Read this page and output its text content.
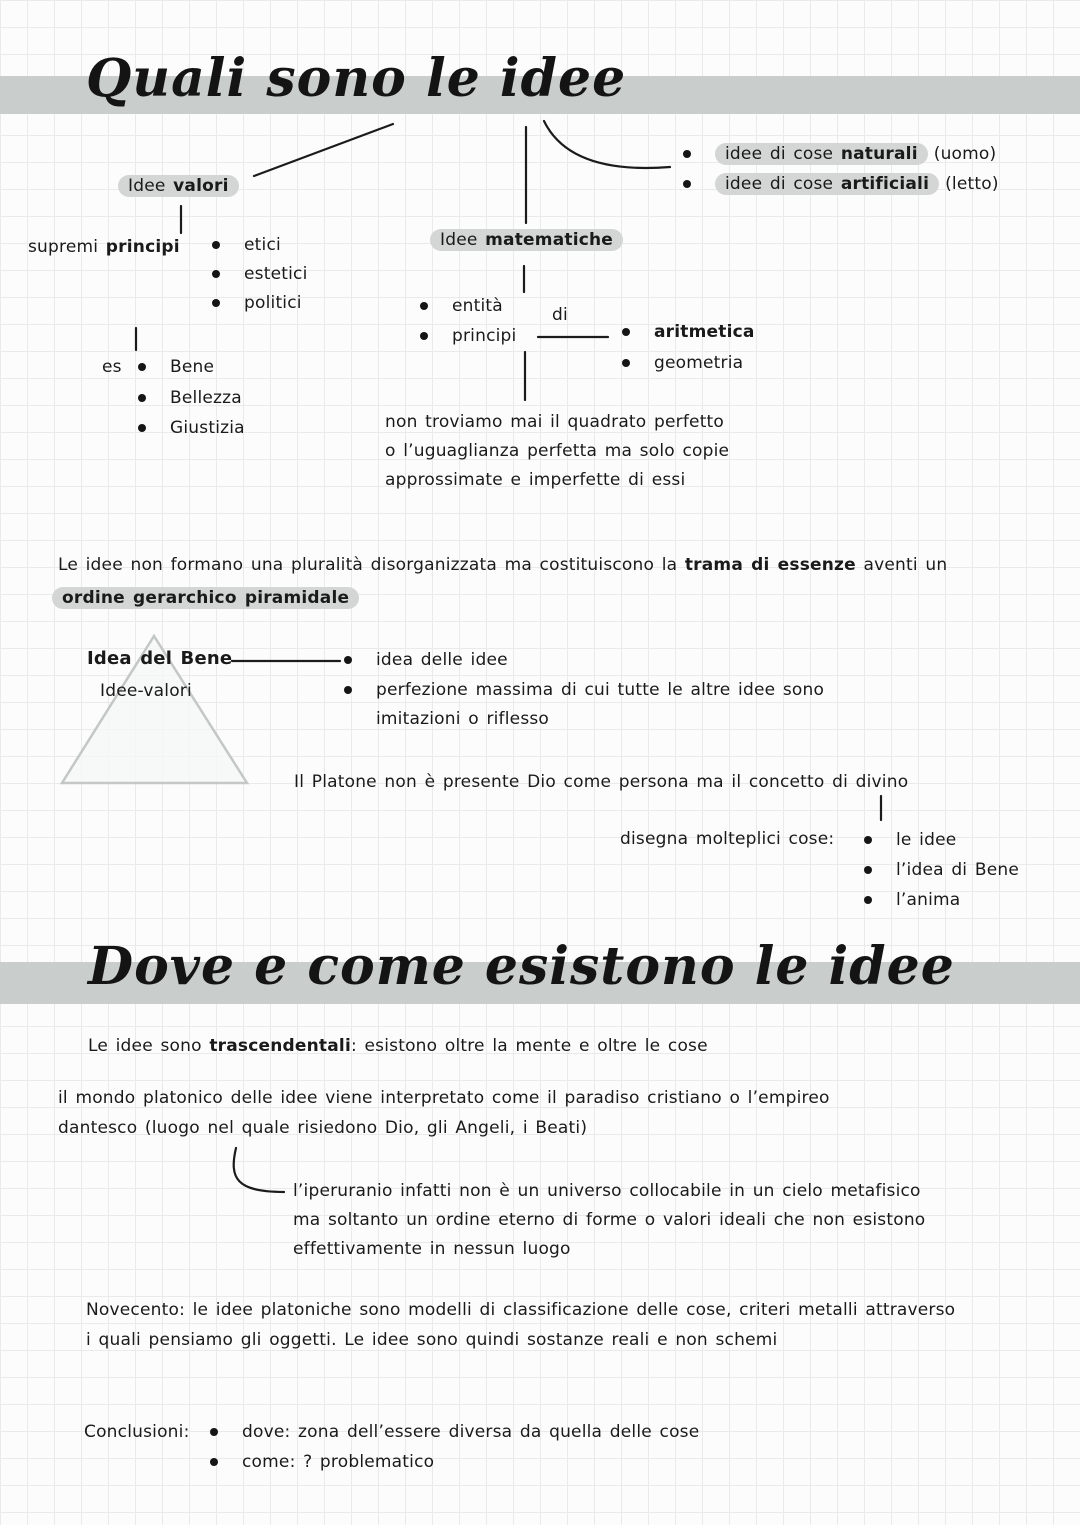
Quali sono le idee
Idee valori
supremi principi	etici
estetici
politici
es	Bene
Bellezza
Giustizia
Idee matematiche
entità
principi
di
aritmetica
geometria
non troviamo mai il quadrato perfetto
o l’uguaglianza perfetta ma solo copie
approssimate e imperfette di essi
idee di cose naturali (uomo)
idee di cose artificiali (letto)
Le idee non formano una pluralità disorganizzata ma costituiscono la trama di essenze aventi un
ordine gerarchico piramidale
Idea del Bene
Idee-valori
idea delle idee
perfezione massima di cui tutte le altre idee sono
imitazioni o riflesso
Il Platone non è presente Dio come persona ma il concetto di divino
disegna molteplici cose:	le idee
l’idea di Bene
l’anima
Dove e come esistono le idee
Le idee sono trascendentali: esistono oltre la mente e oltre le cose
il mondo platonico delle idee viene interpretato come il paradiso cristiano o l’empireo
dantesco (luogo nel quale risiedono Dio, gli Angeli, i Beati)
l’iperuranio infatti non è un universo collocabile in un cielo metafisico
ma soltanto un ordine eterno di forme o valori ideali che non esistono
effettivamente in nessun luogo
Novecento: le idee platoniche sono modelli di classificazione delle cose, criteri metalli attraverso
i quali pensiamo gli oggetti. Le idee sono quindi sostanze reali e non schemi
Conclusioni:	dove: zona dell’essere diversa da quella delle cose
come: ? problematico
